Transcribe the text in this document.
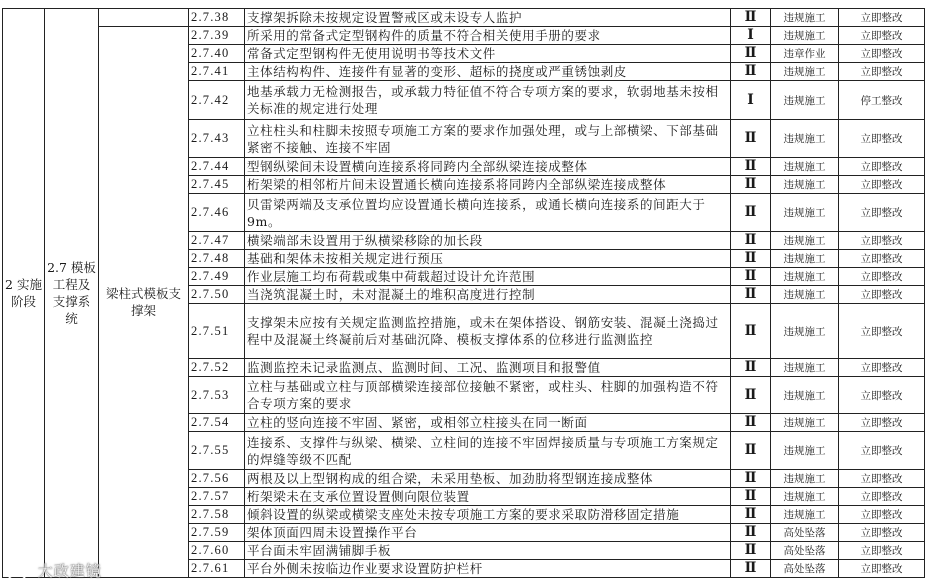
2 实施阶段	2.7 模板工程及支撑系统		2.7.38	支撑架拆除未按规定设置警戒区或未设专人监护	Ⅱ	违规施工	立即整改
		梁柱式模板支撑架	2.7.39	所采用的常备式定型钢构件的质量不符合相关使用手册的要求	Ⅰ	违规施工	立即整改
			2.7.40	常备式定型钢构件无使用说明书等技术文件	Ⅱ	违章作业	立即整改
			2.7.41	主体结构构件、连接件有显著的变形、超标的挠度或严重锈蚀剥皮	Ⅱ	违规施工	立即整改
			2.7.42	地基承载力无检测报告，或承载力特征值不符合专项方案的要求，软弱地基未按相关标准的规定进行处理	Ⅰ	违规施工	停工整改
			2.7.43	立柱柱头和柱脚未按照专项施工方案的要求作加强处理，或与上部横梁、下部基础紧密不接触、连接不牢固	Ⅱ	违规施工	立即整改
			2.7.44	型钢纵梁间未设置横向连接系将同跨内全部纵梁连接成整体	Ⅱ	违规施工	立即整改
			2.7.45	桁架梁的相邻桁片间未设置通长横向连接系将同跨内全部纵梁连接成整体	Ⅱ	违规施工	立即整改
			2.7.46	贝雷梁两端及支承位置均应设置通长横向连接系，或通长横向连接系的间距大于9m。	Ⅱ	违规施工	立即整改
			2.7.47	横梁端部未设置用于纵横梁移除的加长段	Ⅱ	违规施工	立即整改
			2.7.48	基础和架体未按相关规定进行预压	Ⅱ	违规施工	立即整改
			2.7.49	作业层施工均布荷载或集中荷载超过设计允许范围	Ⅱ	违规施工	立即整改
			2.7.50	当浇筑混凝土时，未对混凝土的堆积高度进行控制	Ⅱ	违规施工	立即整改
			2.7.51	支撑架未应按有关规定监测监控措施，或未在架体搭设、钢筋安装、混凝土浇捣过程中及混凝土终凝前后对基础沉降、模板支撑体系的位移进行监测监控	Ⅱ	违规施工	立即整改
			2.7.52	监测监控未记录监测点、监测时间、工况、监测项目和报警值	Ⅱ	违规施工	立即整改
			2.7.53	立柱与基础或立柱与顶部横梁连接部位接触不紧密，或柱头、柱脚的加强构造不符合专项方案的要求	Ⅱ	违规施工	立即整改
			2.7.54	立柱的竖向连接不牢固、紧密，或相邻立柱接头在同一断面	Ⅱ	违规施工	立即整改
			2.7.55	连接系、支撑件与纵梁、横梁、立柱间的连接不牢固焊接质量与专项施工方案规定的焊缝等级不匹配	Ⅱ	违规施工	立即整改
			2.7.56	两根及以上型钢构成的组合梁，未采用垫板、加劲肋将型钢连接成整体	Ⅱ	违规施工	立即整改
			2.7.57	桁架梁未在支承位置设置侧向限位装置	Ⅱ	违规施工	立即整改
			2.7.58	倾斜设置的纵梁或横梁支座处未按专项施工方案的要求采取防滑移固定措施	Ⅱ	违规施工	立即整改
			2.7.59	架体顶面四周未设置操作平台	Ⅱ	高处坠落	立即整改
			2.7.60	平台面未牢固满铺脚手板	Ⅱ	高处坠落	立即整改
			2.7.61	平台外侧未按临边作业要求设置防护栏杆	Ⅱ	高处坠落	立即整改
大政建镜
